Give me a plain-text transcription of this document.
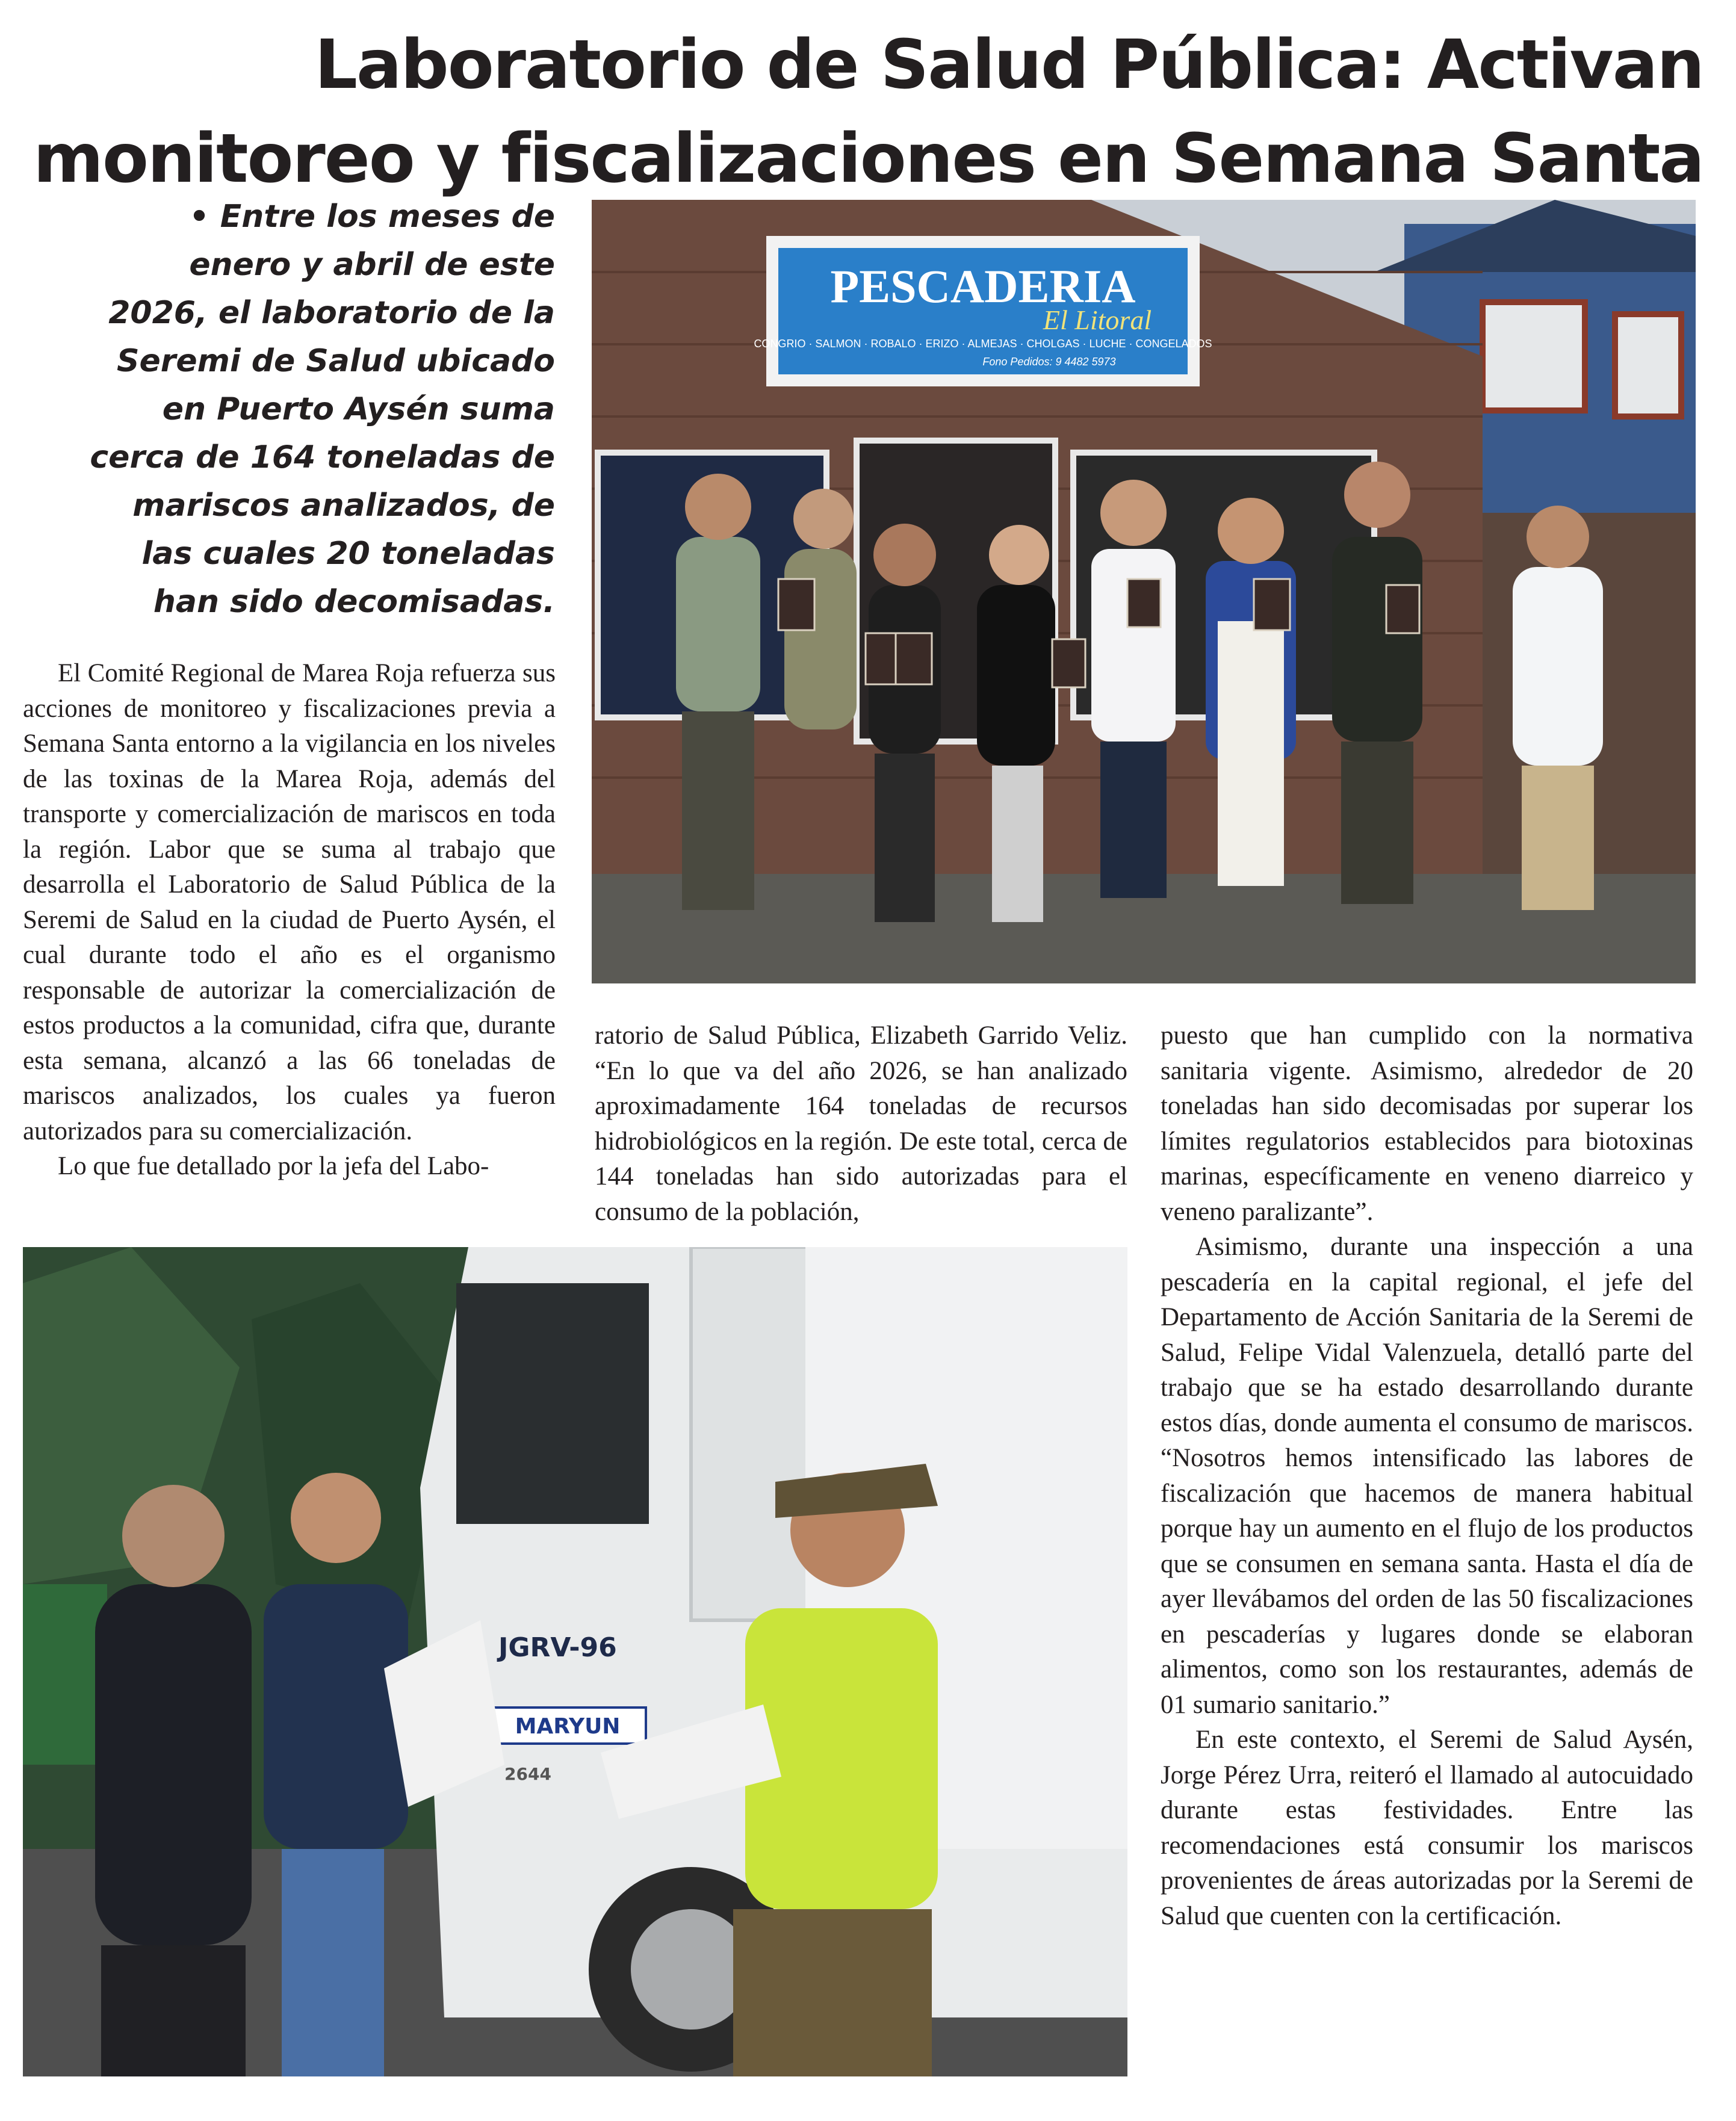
Laboratorio de Salud Pública: Activan monitoreo y fiscalizaciones en Semana Santa

• Entre los meses de enero y abril de este 2026, el laboratorio de la Seremi de Salud ubicado en Puerto Aysén suma cerca de 164 toneladas de mariscos analizados, de las cuales 20 toneladas han sido decomisadas.

El Comité Regional de Marea Roja refuerza sus acciones de monitoreo y fiscalizaciones previa a Semana Santa entorno a la vigilancia en los niveles de las toxinas de la Marea Roja, además del transporte y comercialización de mariscos en toda la región. Labor que se suma al trabajo que desarrolla el Laboratorio de Salud Pública de la Seremi de Salud en la ciudad de Puerto Aysén, el cual durante todo el año es el organismo responsable de autorizar la comercialización de estos productos a la comunidad, cifra que, durante esta semana, alcanzó a las 66 toneladas de mariscos analizados, los cuales ya fueron autorizados para su comercialización.

Lo que fue detallado por la jefa del Labo-

ratorio de Salud Pública, Elizabeth Garrido Veliz. “En lo que va del año 2026, se han analizado aproximadamente 164 toneladas de recursos hidrobiológicos en la región. De este total, cerca de 144 toneladas han sido autorizadas para el consumo de la población,

puesto que han cumplido con la normativa sanitaria vigente. Asimismo, alrededor de 20 toneladas han sido decomisadas por superar los límites regulatorios establecidos para biotoxinas marinas, específicamente en veneno diarreico y veneno paralizante”.

Asimismo, durante una inspección a una pescadería en la capital regional, el jefe del Departamento de Acción Sanitaria de la Seremi de Salud, Felipe Vidal Valenzuela, detalló parte del trabajo que se ha estado desarrollando durante estos días, donde aumenta el consumo de mariscos. “Nosotros hemos intensificado las labores de fiscalización que hacemos de manera habitual porque hay un aumento en el flujo de los productos que se consumen en semana santa. Hasta el día de ayer llevábamos del orden de las 50 fiscalizaciones en pescaderías y lugares donde se elaboran alimentos, como son los restaurantes, además de 01 sumario sanitario.”

En este contexto, el Seremi de Salud Aysén, Jorge Pérez Urra, reiteró el llamado al autocuidado durante estas festividades. Entre las recomendaciones está consumir los mariscos provenientes de áreas autorizadas por la Seremi de Salud que cuenten con la certificación.

PESCADERIA
El Litoral
CONGRIO · SALMON · ROBALO · ERIZO · ALMEJAS · CHOLGAS · LUCHE · CONGELADOS
Fono Pedidos: 9 4482 5973
JGRV-96
MARYUN
2644
